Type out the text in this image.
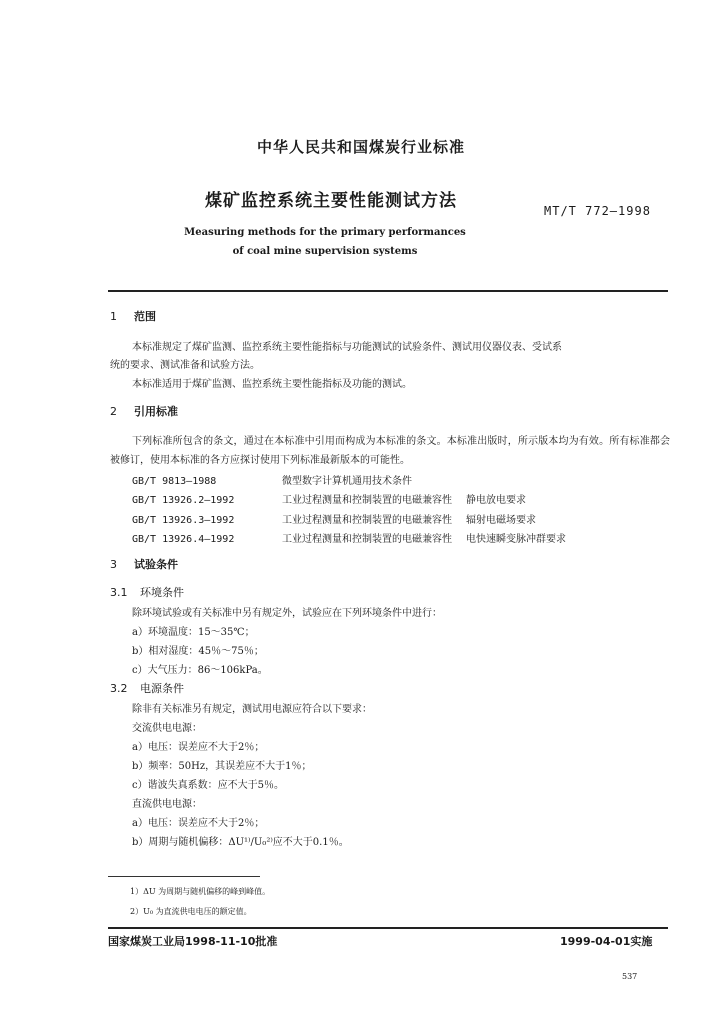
中华人民共和国煤炭行业标准
煤矿监控系统主要性能测试方法	MT/T 772—1998
Measuring methods for the primary performances
of coal mine supervision systems
1 范围
本标准规定了煤矿监测、监控系统主要性能指标与功能测试的试验条件、测试用仪器仪表、受试系
统的要求、测试准备和试验方法。
本标准适用于煤矿监测、监控系统主要性能指标及功能的测试。
2 引用标准
下列标准所包含的条文，通过在本标准中引用而构成为本标准的条文。本标准出版时，所示版本均为有效。所有标准都会被修订，使用本标准的各方应探讨使用下列标准最新版本的可能性。
GB/T 9813—1988	微型数字计算机通用技术条件
GB/T 13926.2—1992	工业过程测量和控制装置的电磁兼容性 静电放电要求
GB/T 13926.3—1992	工业过程测量和控制装置的电磁兼容性 辐射电磁场要求
GB/T 13926.4—1992	工业过程测量和控制装置的电磁兼容性 电快速瞬变脉冲群要求
3 试验条件
3.1 环境条件
除环境试验或有关标准中另有规定外，试验应在下列环境条件中进行：
a）环境温度：15～35℃；
b）相对湿度：45％～75％；
c）大气压力：86～106kPa。
3.2 电源条件
除非有关标准另有规定，测试用电源应符合以下要求：
交流供电电源：
a）电压：误差应不大于2％；
b）频率：50Hz，其误差应不大于1％；
c）谐波失真系数：应不大于5％。
直流供电电源：
a）电压：误差应不大于2％；
b）周期与随机偏移：ΔU¹⁾/U₀²⁾应不大于0.1％。
1）ΔU 为周期与随机偏移的峰到峰值。
2）U₀ 为直流供电电压的额定值。
国家煤炭工业局1998-11-10批准	1999-04-01实施
537
